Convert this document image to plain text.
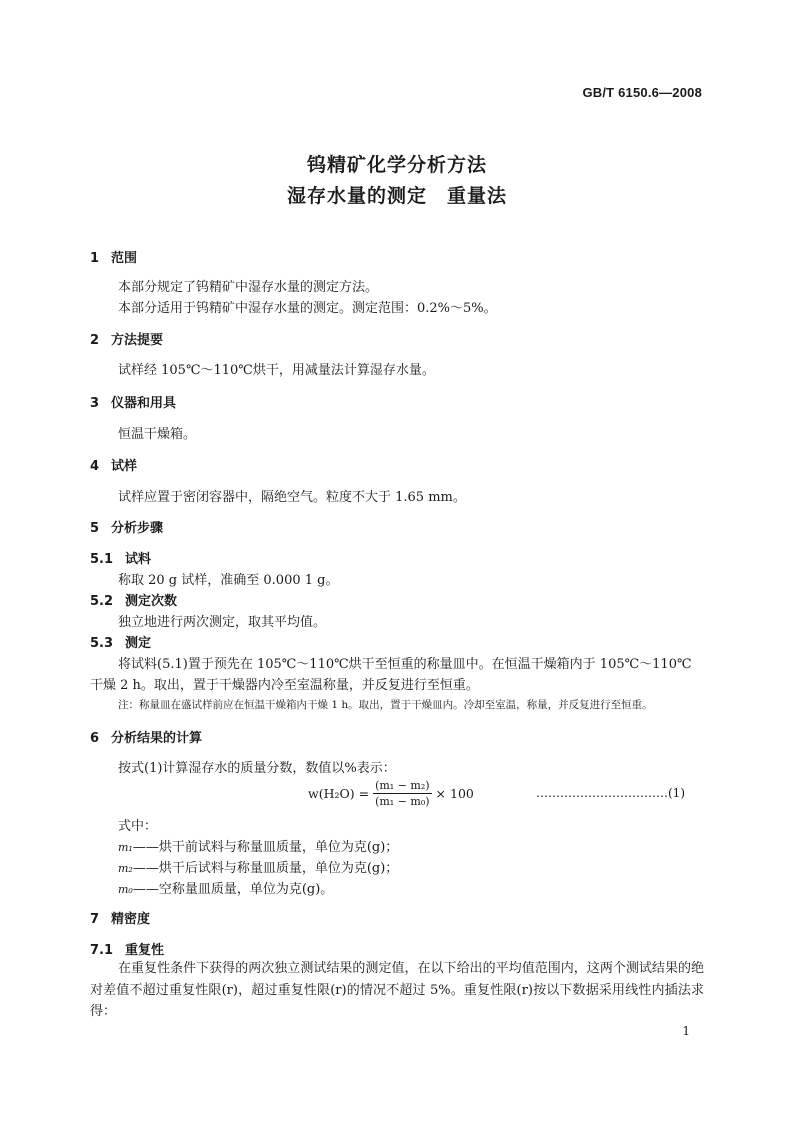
GB/T 6150.6—2008
钨精矿化学分析方法
湿存水量的测定　重量法
1 范围
本部分规定了钨精矿中湿存水量的测定方法。
本部分适用于钨精矿中湿存水量的测定。测定范围：0.2%～5%。
2 方法提要
试样经 105℃～110℃烘干，用减量法计算湿存水量。
3 仪器和用具
恒温干燥箱。
4 试样
试样应置于密闭容器中，隔绝空气。粒度不大于 1.65 mm。
5 分析步骤
5.1 试料
称取 20 g 试样，准确至 0.000 1 g。
5.2 测定次数
独立地进行两次测定，取其平均值。
5.3 测定
将试料(5.1)置于预先在 105℃～110℃烘干至恒重的称量皿中。在恒温干燥箱内于 105℃～110℃
干燥 2 h。取出，置于干燥器内冷至室温称量，并反复进行至恒重。
注：称量皿在盛试样前应在恒温干燥箱内干燥 1 h。取出，置于干燥皿内。冷却至室温，称量，并反复进行至恒重。
6 分析结果的计算
按式(1)计算湿存水的质量分数，数值以%表示：
$w(H_2O) = \frac{\text{(m₁ − m₂)}}{\text{(m₁ − m₀)}} \times 100$	……………………………(1)
式中：
m₁——烘干前试料与称量皿质量，单位为克(g)；
m₂——烘干后试料与称量皿质量，单位为克(g)；
m₀——空称量皿质量，单位为克(g)。
7 精密度
7.1 重复性
在重复性条件下获得的两次独立测试结果的测定值，在以下给出的平均值范围内，这两个测试结果的绝对差值不超过重复性限(r)，超过重复性限(r)的情况不超过 5%。重复性限(r)按以下数据采用线性内插法求得：
1
